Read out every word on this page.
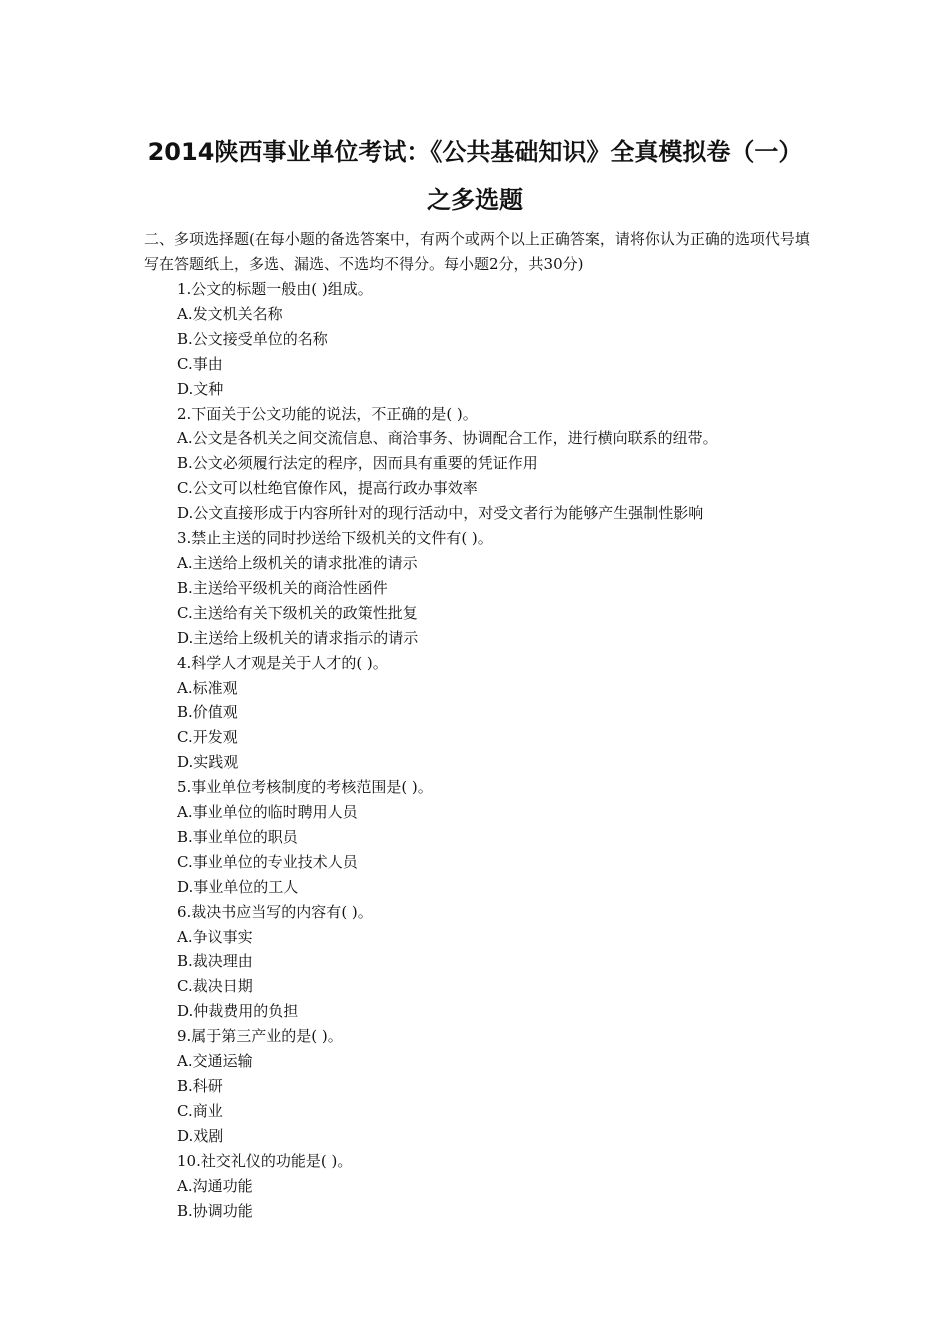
2014陕西事业单位考试：《公共基础知识》全真模拟卷（一）
之多选题

二、多项选择题(在每小题的备选答案中，有两个或两个以上正确答案，请将你认为正确的选项代号填写在答题纸上，多选、漏选、不选均不得分。每小题2分，共30分)

1.公文的标题一般由( )组成。
A.发文机关名称
B.公文接受单位的名称
C.事由
D.文种
2.下面关于公文功能的说法，不正确的是( )。
A.公文是各机关之间交流信息、商洽事务、协调配合工作，进行横向联系的纽带。
B.公文必须履行法定的程序，因而具有重要的凭证作用
C.公文可以杜绝官僚作风，提高行政办事效率
D.公文直接形成于内容所针对的现行活动中，对受文者行为能够产生强制性影响
3.禁止主送的同时抄送给下级机关的文件有( )。
A.主送给上级机关的请求批准的请示
B.主送给平级机关的商洽性函件
C.主送给有关下级机关的政策性批复
D.主送给上级机关的请求指示的请示
4.科学人才观是关于人才的( )。
A.标准观
B.价值观
C.开发观
D.实践观
5.事业单位考核制度的考核范围是( )。
A.事业单位的临时聘用人员
B.事业单位的职员
C.事业单位的专业技术人员
D.事业单位的工人
6.裁决书应当写的内容有( )。
A.争议事实
B.裁决理由
C.裁决日期
D.仲裁费用的负担
9.属于第三产业的是( )。
A.交通运输
B.科研
C.商业
D.戏剧
10.社交礼仪的功能是( )。
A.沟通功能
B.协调功能
